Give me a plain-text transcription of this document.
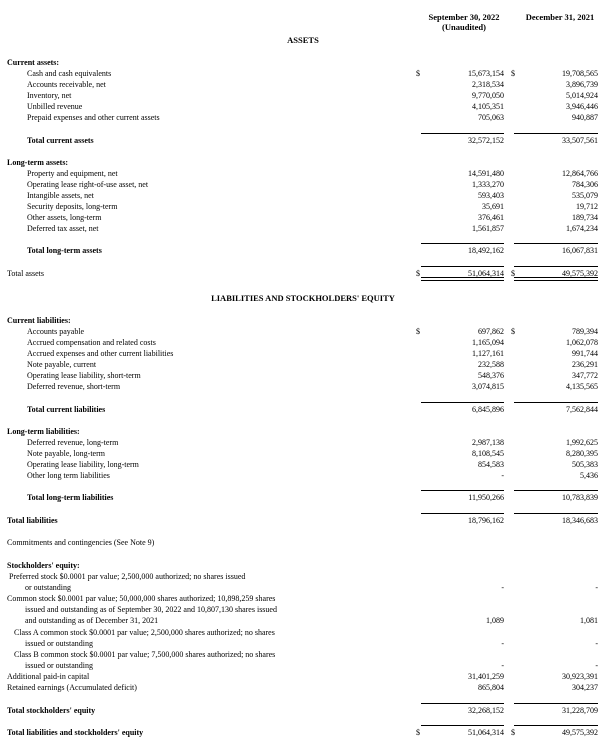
September 30, 2022
(Unaudited)
December 31, 2021
ASSETS
Current assets:
Cash and cash equivalents	$	15,673,154 $	19,708,565
Accounts receivable, net	2,318,534	3,896,739
Inventory, net	9,770,050	5,014,924
Unbilled revenue	4,105,351	3,946,446
Prepaid expenses and other current assets	705,063	940,887
Total current assets	32,572,152	33,507,561
Long-term assets:
Property and equipment, net	14,591,480	12,864,766
Operating lease right-of-use asset, net	1,333,270	784,306
Intangible assets, net	593,403	535,079
Security deposits, long-term	35,691	19,712
Other assets, long-term	376,461	189,734
Deferred tax asset, net	1,561,857	1,674,234
Total long-term assets	18,492,162	16,067,831
Total assets	$	51,064,314 $	49,575,392
LIABILITIES AND STOCKHOLDERS' EQUITY
Current liabilities:
Accounts payable	$	697,862 $	789,394
Accrued compensation and related costs	1,165,094	1,062,078
Accrued expenses and other current liabilities	1,127,161	991,744
Note payable, current	232,588	236,291
Operating lease liability, short-term	548,376	347,772
Deferred revenue, short-term	3,074,815	4,135,565
Total current liabilities	6,845,896	7,562,844
Long-term liabilities:
Deferred revenue, long-term	2,987,138	1,992,625
Note payable, long-term	8,108,545	8,280,395
Operating lease liability, long-term	854,583	505,383
Other long term liabilities	-	5,436
Total long-term liabilities	11,950,266	10,783,839
Total liabilities	18,796,162	18,346,683
Commitments and contingencies (See Note 9)
Stockholders' equity:
Preferred stock $0.0001 par value; 2,500,000 authorized; no shares issued
or outstanding	-	-
Common stock $0.0001 par value; 50,000,000 shares authorized; 10,898,259 shares
issued and outstanding as of September 30, 2022 and 10,807,130 shares issued
and outstanding as of December 31, 2021	1,089	1,081
Class A common stock $0.0001 par value; 2,500,000 shares authorized; no shares
issued or outstanding	-	-
Class B common stock $0.0001 par value; 7,500,000 shares authorized; no shares
issued or outstanding	-	-
Additional paid-in capital	31,401,259	30,923,391
Retained earnings (Accumulated deficit)	865,804	304,237
Total stockholders' equity	32,268,152	31,228,709
Total liabilities and stockholders' equity	$	51,064,314 $	49,575,392
